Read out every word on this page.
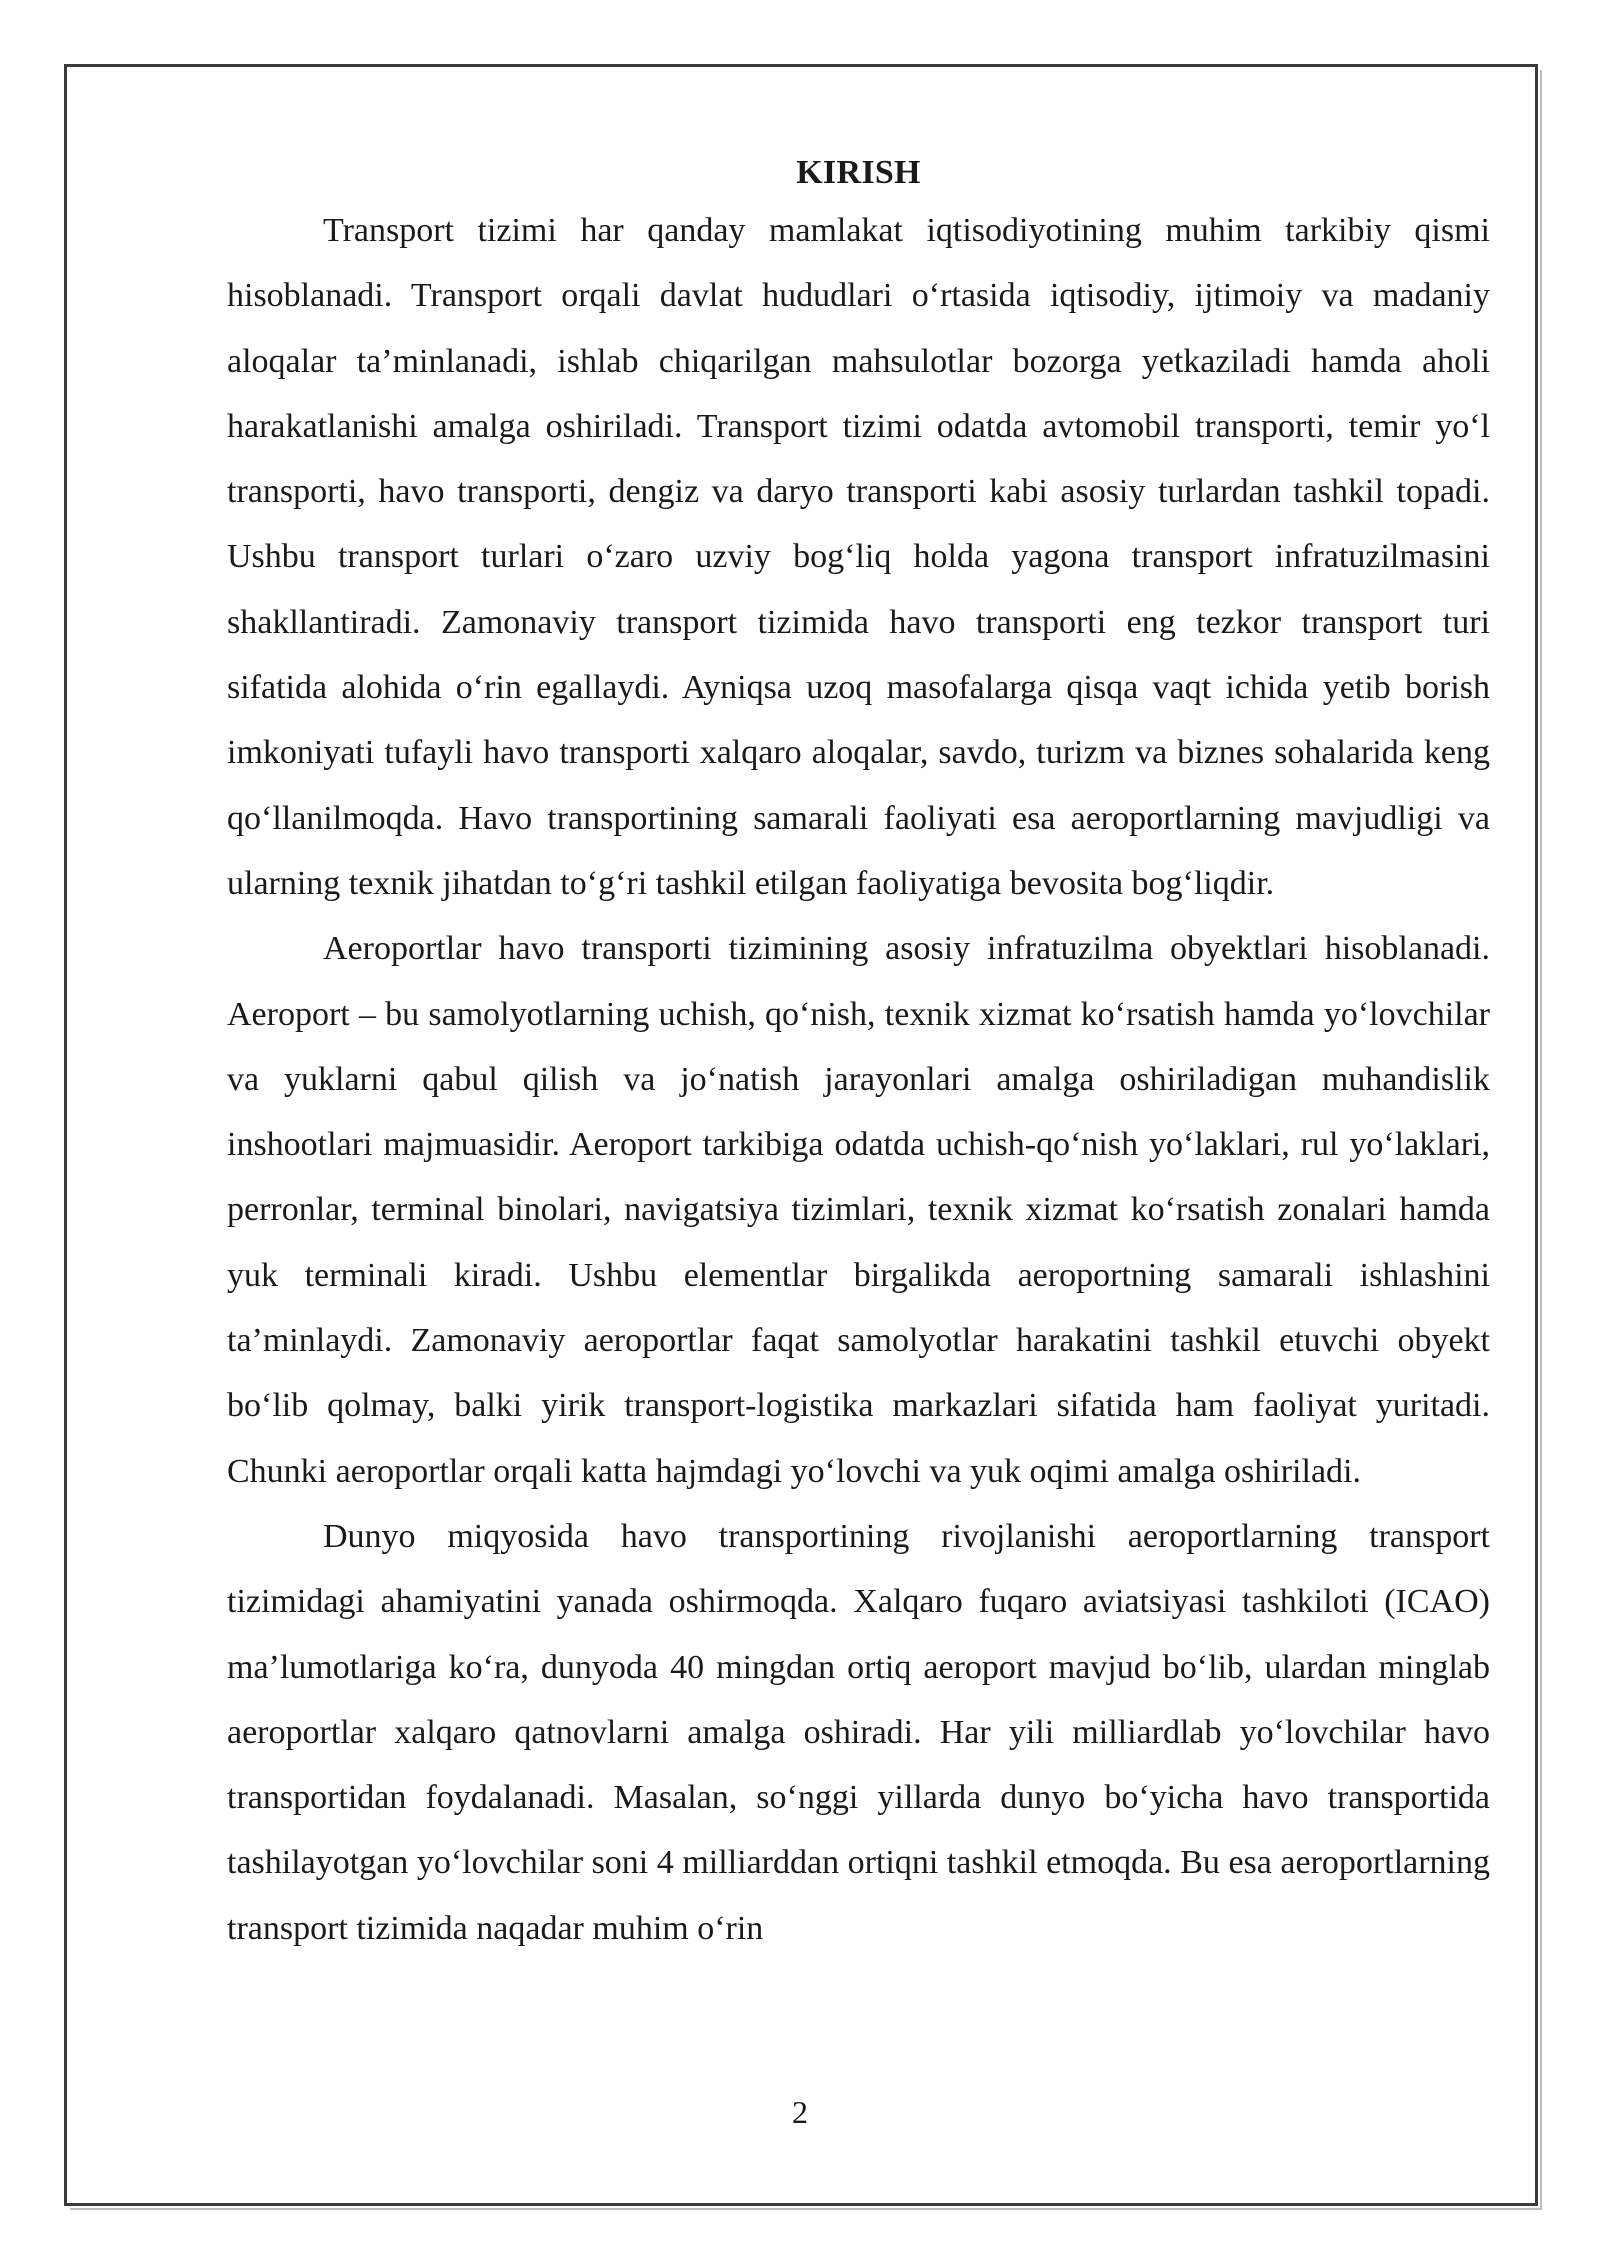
KIRISH

Transport tizimi har qanday mamlakat iqtisodiyotining muhim tarkibiy qismi hisoblanadi. Transport orqali davlat hududlari o‘rtasida iqtisodiy, ijtimoiy va madaniy aloqalar ta’minlanadi, ishlab chiqarilgan mahsulotlar bozorga yetkaziladi hamda aholi harakatlanishi amalga oshiriladi. Transport tizimi odatda avtomobil transporti, temir yo‘l transporti, havo transporti, dengiz va daryo transporti kabi asosiy turlardan tashkil topadi. Ushbu transport turlari o‘zaro uzviy bog‘liq holda yagona transport infratuzilmasini shakllantiradi. Zamonaviy transport tizimida havo transporti eng tezkor transport turi sifatida alohida o‘rin egallaydi. Ayniqsa uzoq masofalarga qisqa vaqt ichida yetib borish imkoniyati tufayli havo transporti xalqaro aloqalar, savdo, turizm va biznes sohalarida keng qo‘llanilmoqda. Havo transportining samarali faoliyati esa aeroportlarning mavjudligi va ularning texnik jihatdan to‘g‘ri tashkil etilgan faoliyatiga bevosita bog‘liqdir.

Aeroportlar havo transporti tizimining asosiy infratuzilma obyektlari hisoblanadi. Aeroport – bu samolyotlarning uchish, qo‘nish, texnik xizmat ko‘rsatish hamda yo‘lovchilar va yuklarni qabul qilish va jo‘natish jarayonlari amalga oshiriladigan muhandislik inshootlari majmuasidir. Aeroport tarkibiga odatda uchish-qo‘nish yo‘laklari, rul yo‘laklari, perronlar, terminal binolari, navigatsiya tizimlari, texnik xizmat ko‘rsatish zonalari hamda yuk terminali kiradi. Ushbu elementlar birgalikda aeroportning samarali ishlashini ta’minlaydi. Zamonaviy aeroportlar faqat samolyotlar harakatini tashkil etuvchi obyekt bo‘lib qolmay, balki yirik transport-logistika markazlari sifatida ham faoliyat yuritadi. Chunki aeroportlar orqali katta hajmdagi yo‘lovchi va yuk oqimi amalga oshiriladi.

Dunyo miqyosida havo transportining rivojlanishi aeroportlarning transport tizimidagi ahamiyatini yanada oshirmoqda. Xalqaro fuqaro aviatsiyasi tashkiloti (ICAO) ma’lumotlariga ko‘ra, dunyoda 40 mingdan ortiq aeroport mavjud bo‘lib, ulardan minglab aeroportlar xalqaro qatnovlarni amalga oshiradi. Har yili milliardlab yo‘lovchilar havo transportidan foydalanadi. Masalan, so‘nggi yillarda dunyo bo‘yicha havo transportida tashilayotgan yo‘lovchilar soni 4 milliarddan ortiqni tashkil etmoqda. Bu esa aeroportlarning transport tizimida naqadar muhim o‘rin

2
